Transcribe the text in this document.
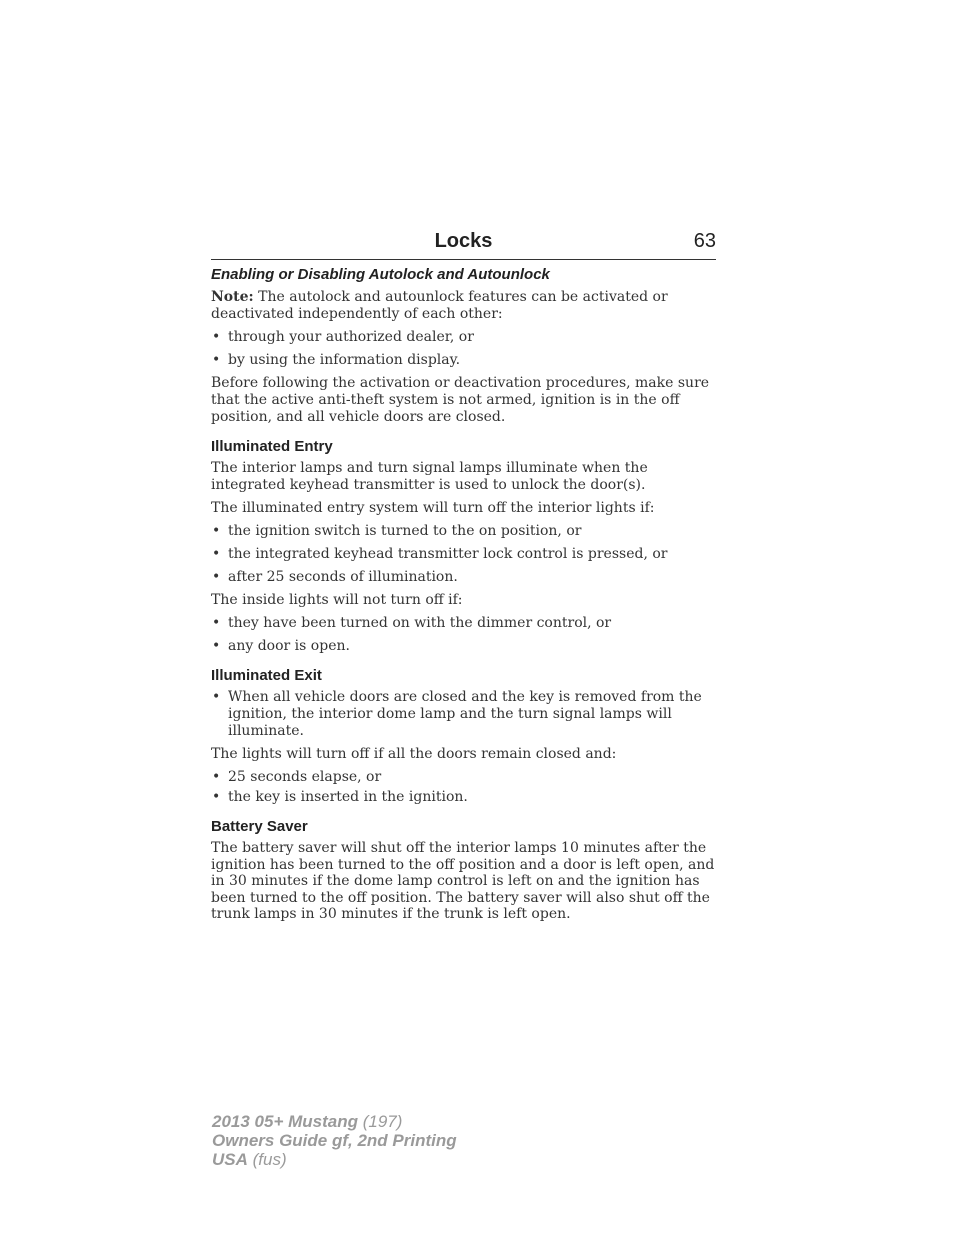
Locks	63
Enabling or Disabling Autolock and Autounlock

Note: The autolock and autounlock features can be activated or deactivated independently of each other:

• through your authorized dealer, or
• by using the information display.

Before following the activation or deactivation procedures, make sure that the active anti-theft system is not armed, ignition is in the off position, and all vehicle doors are closed.

Illuminated Entry

The interior lamps and turn signal lamps illuminate when the integrated keyhead transmitter is used to unlock the door(s).

The illuminated entry system will turn off the interior lights if:

• the ignition switch is turned to the on position, or
• the integrated keyhead transmitter lock control is pressed, or
• after 25 seconds of illumination.

The inside lights will not turn off if:

• they have been turned on with the dimmer control, or
• any door is open.
Illuminated Exit
• When all vehicle doors are closed and the key is removed from the ignition, the interior dome lamp and the turn signal lamps will illuminate.

The lights will turn off if all the doors remain closed and:

• 25 seconds elapse, or
• the key is inserted in the ignition.
Battery Saver

The battery saver will shut off the interior lamps 10 minutes after the ignition has been turned to the off position and a door is left open, and in 30 minutes if the dome lamp control is left on and the ignition has been turned to the off position. The battery saver will also shut off the trunk lamps in 30 minutes if the trunk is left open.

2013 05+ Mustang (197)
Owners Guide gf, 2nd Printing
USA (fus)
